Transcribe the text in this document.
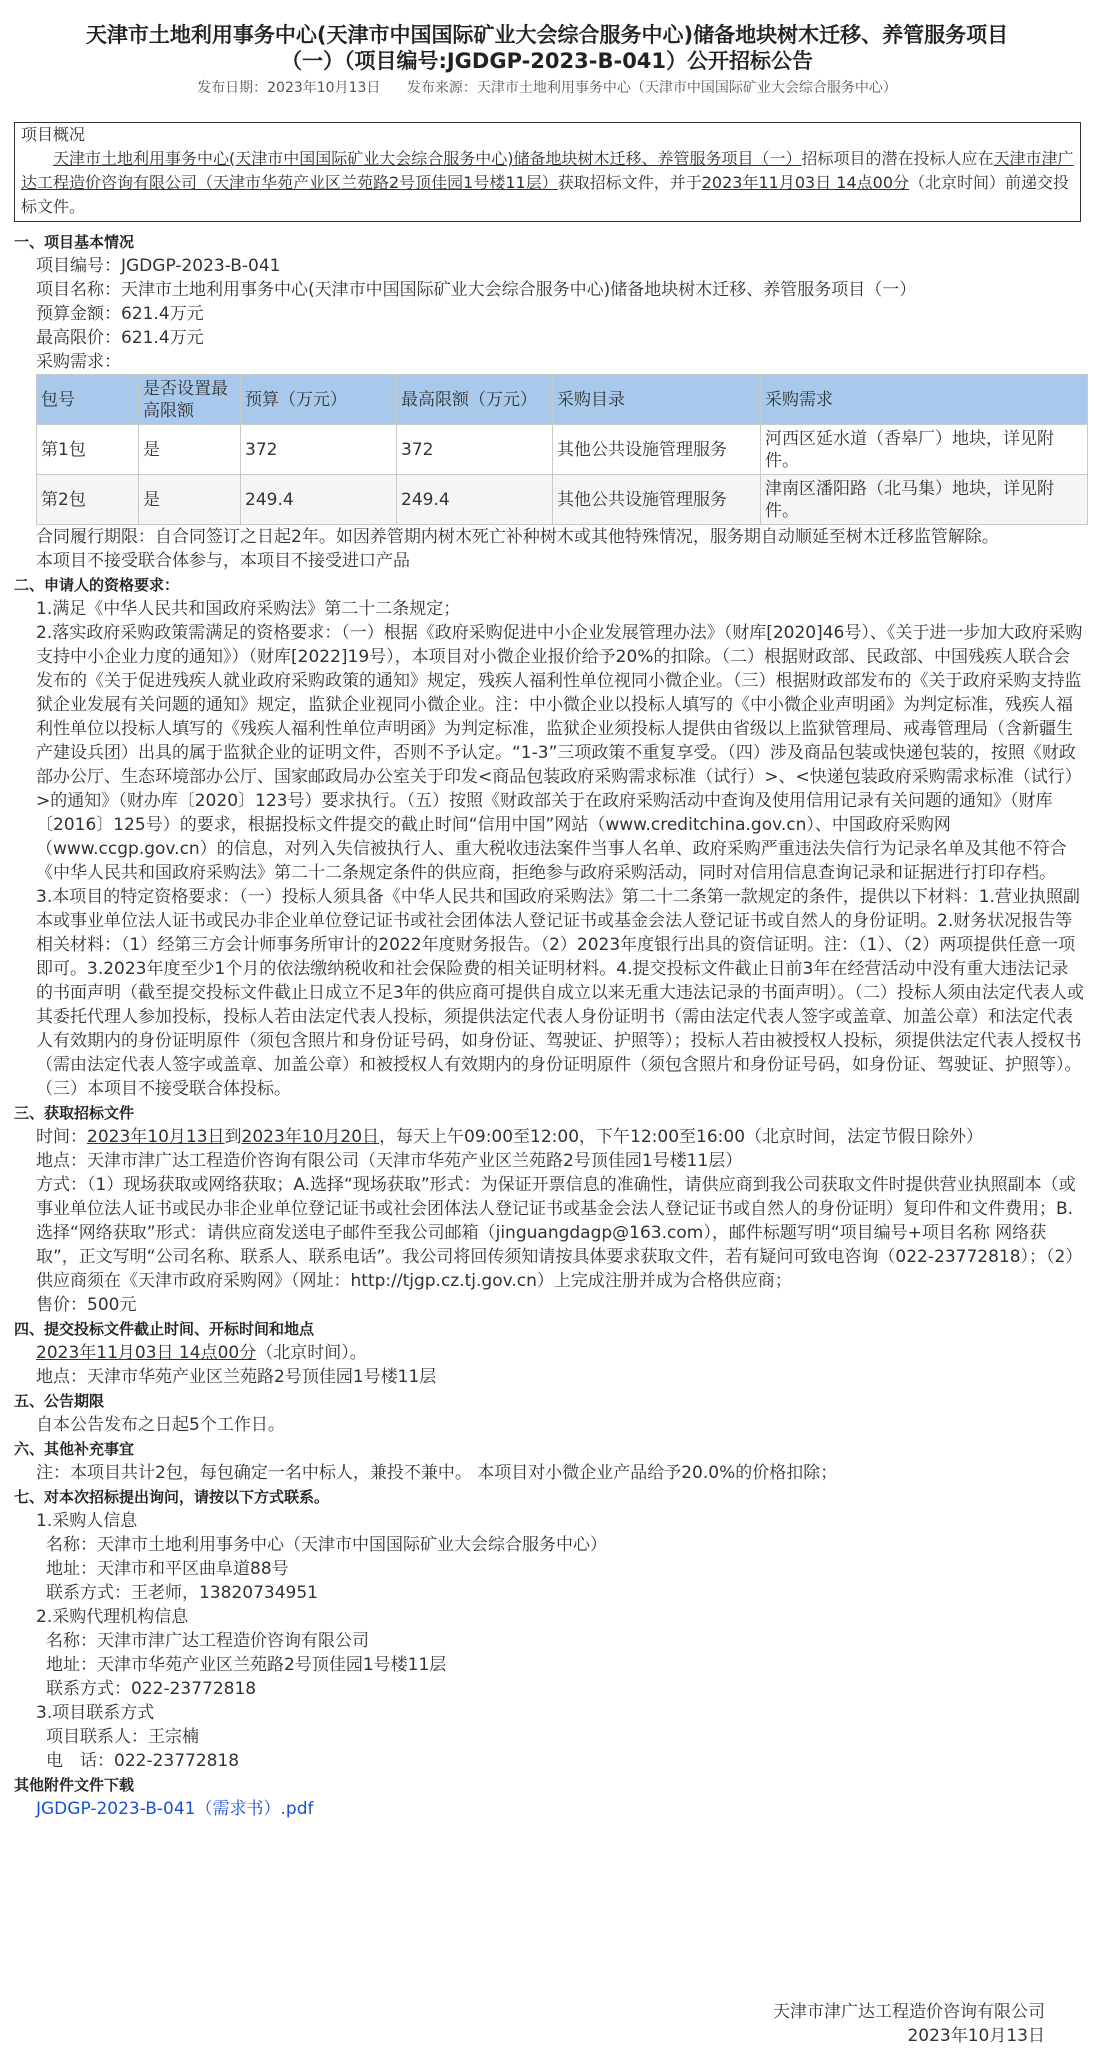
天津市土地利用事务中心(天津市中国国际矿业大会综合服务中心)储备地块树木迁移、养管服务项目
（一）（项目编号:JGDGP-2023-B-041）公开招标公告
发布日期：2023年10月13日 发布来源：天津市土地利用事务中心（天津市中国国际矿业大会综合服务中心）
项目概况
天津市土地利用事务中心(天津市中国国际矿业大会综合服务中心)储备地块树木迁移、养管服务项目（一）招标项目的潜在投标人应在天津市津广达工程造价咨询有限公司（天津市华苑产业区兰苑路2号顶佳园1号楼11层）获取招标文件，并于2023年11月03日 14点00分（北京时间）前递交投标文件。
一、项目基本情况
项目编号：JGDGP-2023-B-041
项目名称：天津市土地利用事务中心(天津市中国国际矿业大会综合服务中心)储备地块树木迁移、养管服务项目（一）
预算金额：621.4万元
最高限价：621.4万元
采购需求：
包号	是否设置最高限额	预算（万元）	最高限额（万元）	采购目录	采购需求
第1包	是	372	372	其他公共设施管理服务	河西区延水道（香皋厂）地块，详见附件。
第2包	是	249.4	249.4	其他公共设施管理服务	津南区潘阳路（北马集）地块，详见附件。
合同履行期限：自合同签订之日起2年。如因养管期内树木死亡补种树木或其他特殊情况，服务期自动顺延至树木迁移监管解除。
本项目不接受联合体参与，本项目不接受进口产品
二、申请人的资格要求：
1.满足《中华人民共和国政府采购法》第二十二条规定；
2.落实政府采购政策需满足的资格要求：（一）根据《政府采购促进中小企业发展管理办法》（财库[2020]46号）、《关于进一步加大政府采购支持中小企业力度的通知》）（财库[2022]19号），本项目对小微企业报价给予20%的扣除。（二）根据财政部、民政部、中国残疾人联合会发布的《关于促进残疾人就业政府采购政策的通知》规定，残疾人福利性单位视同小微企业。（三）根据财政部发布的《关于政府采购支持监狱企业发展有关问题的通知》规定，监狱企业视同小微企业。注：中小微企业以投标人填写的《中小微企业声明函》为判定标准，残疾人福利性单位以投标人填写的《残疾人福利性单位声明函》为判定标准，监狱企业须投标人提供由省级以上监狱管理局、戒毒管理局（含新疆生产建设兵团）出具的属于监狱企业的证明文件，否则不予认定。“1-3”三项政策不重复享受。（四）涉及商品包装或快递包装的，按照《财政部办公厅、生态环境部办公厅、国家邮政局办公室关于印发<商品包装政府采购需求标准（试行）>、<快递包装政府采购需求标准（试行）>的通知》（财办库〔2020〕123号）要求执行。（五）按照《财政部关于在政府采购活动中查询及使用信用记录有关问题的通知》（财库〔2016〕125号）的要求，根据投标文件提交的截止时间“信用中国”网站（www.creditchina.gov.cn）、中国政府采购网（www.ccgp.gov.cn）的信息，对列入失信被执行人、重大税收违法案件当事人名单、政府采购严重违法失信行为记录名单及其他不符合《中华人民共和国政府采购法》第二十二条规定条件的供应商，拒绝参与政府采购活动，同时对信用信息查询记录和证据进行打印存档。
3.本项目的特定资格要求：（一）投标人须具备《中华人民共和国政府采购法》第二十二条第一款规定的条件，提供以下材料：1.营业执照副本或事业单位法人证书或民办非企业单位登记证书或社会团体法人登记证书或基金会法人登记证书或自然人的身份证明。2.财务状况报告等相关材料：（1）经第三方会计师事务所审计的2022年度财务报告。（2）2023年度银行出具的资信证明。注：（1）、（2）两项提供任意一项即可。3.2023年度至少1个月的依法缴纳税收和社会保险费的相关证明材料。4.提交投标文件截止日前3年在经营活动中没有重大违法记录的书面声明（截至提交投标文件截止日成立不足3年的供应商可提供自成立以来无重大违法记录的书面声明）。（二）投标人须由法定代表人或其委托代理人参加投标，投标人若由法定代表人投标，须提供法定代表人身份证明书（需由法定代表人签字或盖章、加盖公章）和法定代表人有效期内的身份证明原件（须包含照片和身份证号码，如身份证、驾驶证、护照等）；投标人若由被授权人投标，须提供法定代表人授权书（需由法定代表人签字或盖章、加盖公章）和被授权人有效期内的身份证明原件（须包含照片和身份证号码，如身份证、驾驶证、护照等）。（三）本项目不接受联合体投标。
三、获取招标文件
时间：2023年10月13日到2023年10月20日，每天上午09:00至12:00，下午12:00至16:00（北京时间，法定节假日除外）
地点：天津市津广达工程造价咨询有限公司（天津市华苑产业区兰苑路2号顶佳园1号楼11层）
方式：（1）现场获取或网络获取；A.选择“现场获取”形式：为保证开票信息的准确性，请供应商到我公司获取文件时提供营业执照副本（或事业单位法人证书或民办非企业单位登记证书或社会团体法人登记证书或基金会法人登记证书或自然人的身份证明）复印件和文件费用；B.选择“网络获取”形式：请供应商发送电子邮件至我公司邮箱（jinguangdagp@163.com），邮件标题写明“项目编号+项目名称 网络获取”，正文写明“公司名称、联系人、联系电话”。我公司将回传须知请按具体要求获取文件，若有疑问可致电咨询（022-23772818）；（2）供应商须在《天津市政府采购网》（网址：http://tjgp.cz.tj.gov.cn）上完成注册并成为合格供应商；
售价：500元
四、提交投标文件截止时间、开标时间和地点
2023年11月03日 14点00分（北京时间）。
地点：天津市华苑产业区兰苑路2号顶佳园1号楼11层
五、公告期限
自本公告发布之日起5个工作日。
六、其他补充事宜
注：本项目共计2包，每包确定一名中标人，兼投不兼中。 本项目对小微企业产品给予20.0%的价格扣除；
七、对本次招标提出询问，请按以下方式联系。
1.采购人信息
名称：天津市土地利用事务中心（天津市中国国际矿业大会综合服务中心）
地址：天津市和平区曲阜道88号
联系方式：王老师，13820734951
2.采购代理机构信息
名称：天津市津广达工程造价咨询有限公司
地址：天津市华苑产业区兰苑路2号顶佳园1号楼11层
联系方式：022-23772818
3.项目联系方式
项目联系人：王宗楠
电　话：022-23772818
其他附件文件下载
JGDGP-2023-B-041（需求书）.pdf
天津市津广达工程造价咨询有限公司
2023年10月13日
